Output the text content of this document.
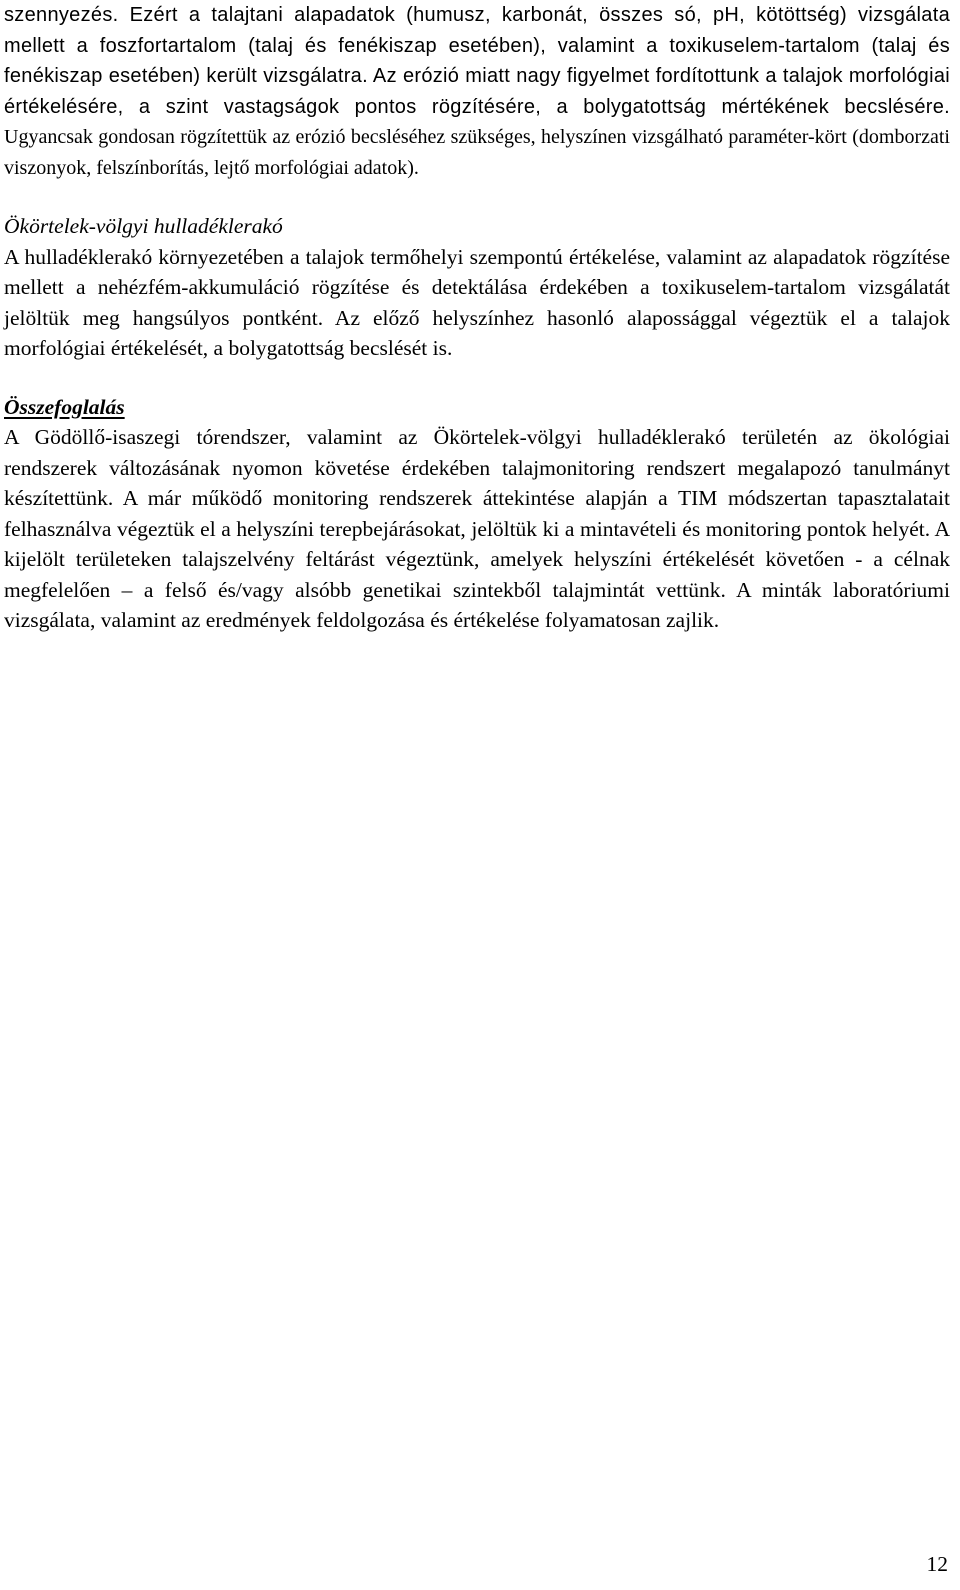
szennyezés. Ezért a talajtani alapadatok (humusz, karbonát, összes só, pH, kötöttség) vizsgálata mellett a foszfortartalom (talaj és fenékiszap esetében), valamint a toxikuselem-tartalom (talaj és fenékiszap esetében) került vizsgálatra. Az erózió miatt nagy figyelmet fordítottunk a talajok morfológiai értékelésére, a szint vastagságok pontos rögzítésére, a bolygatottság mértékének becslésére. Ugyancsak gondosan rögzítettük az erózió becsléséhez szükséges, helyszínen vizsgálható paraméter-kört (domborzati viszonyok, felszínborítás, lejtő morfológiai adatok).

Ökörtelek-völgyi hulladéklerakó

A hulladéklerakó környezetében a talajok termőhelyi szempontú értékelése, valamint az alapadatok rögzítése mellett a nehézfém-akkumuláció rögzítése és detektálása érdekében a toxikuselem-tartalom vizsgálatát jelöltük meg hangsúlyos pontként. Az előző helyszínhez hasonló alapossággal végeztük el a talajok morfológiai értékelését, a bolygatottság becslését is.

Összefoglalás

A Gödöllő-isaszegi tórendszer, valamint az Ökörtelek-völgyi hulladéklerakó területén az ökológiai rendszerek változásának nyomon követése érdekében talajmonitoring rendszert megalapozó tanulmányt készítettünk. A már működő monitoring rendszerek áttekintése alapján a TIM módszertan tapasztalatait felhasználva végeztük el a helyszíni terepbejárásokat, jelöltük ki a mintavételi és monitoring pontok helyét. A kijelölt területeken talajszelvény feltárást végeztünk, amelyek helyszíni értékelését követően - a célnak megfelelően – a felső és/vagy alsóbb genetikai szintekből talajmintát vettünk. A minták laboratóriumi vizsgálata, valamint az eredmények feldolgozása és értékelése folyamatosan zajlik.

12
